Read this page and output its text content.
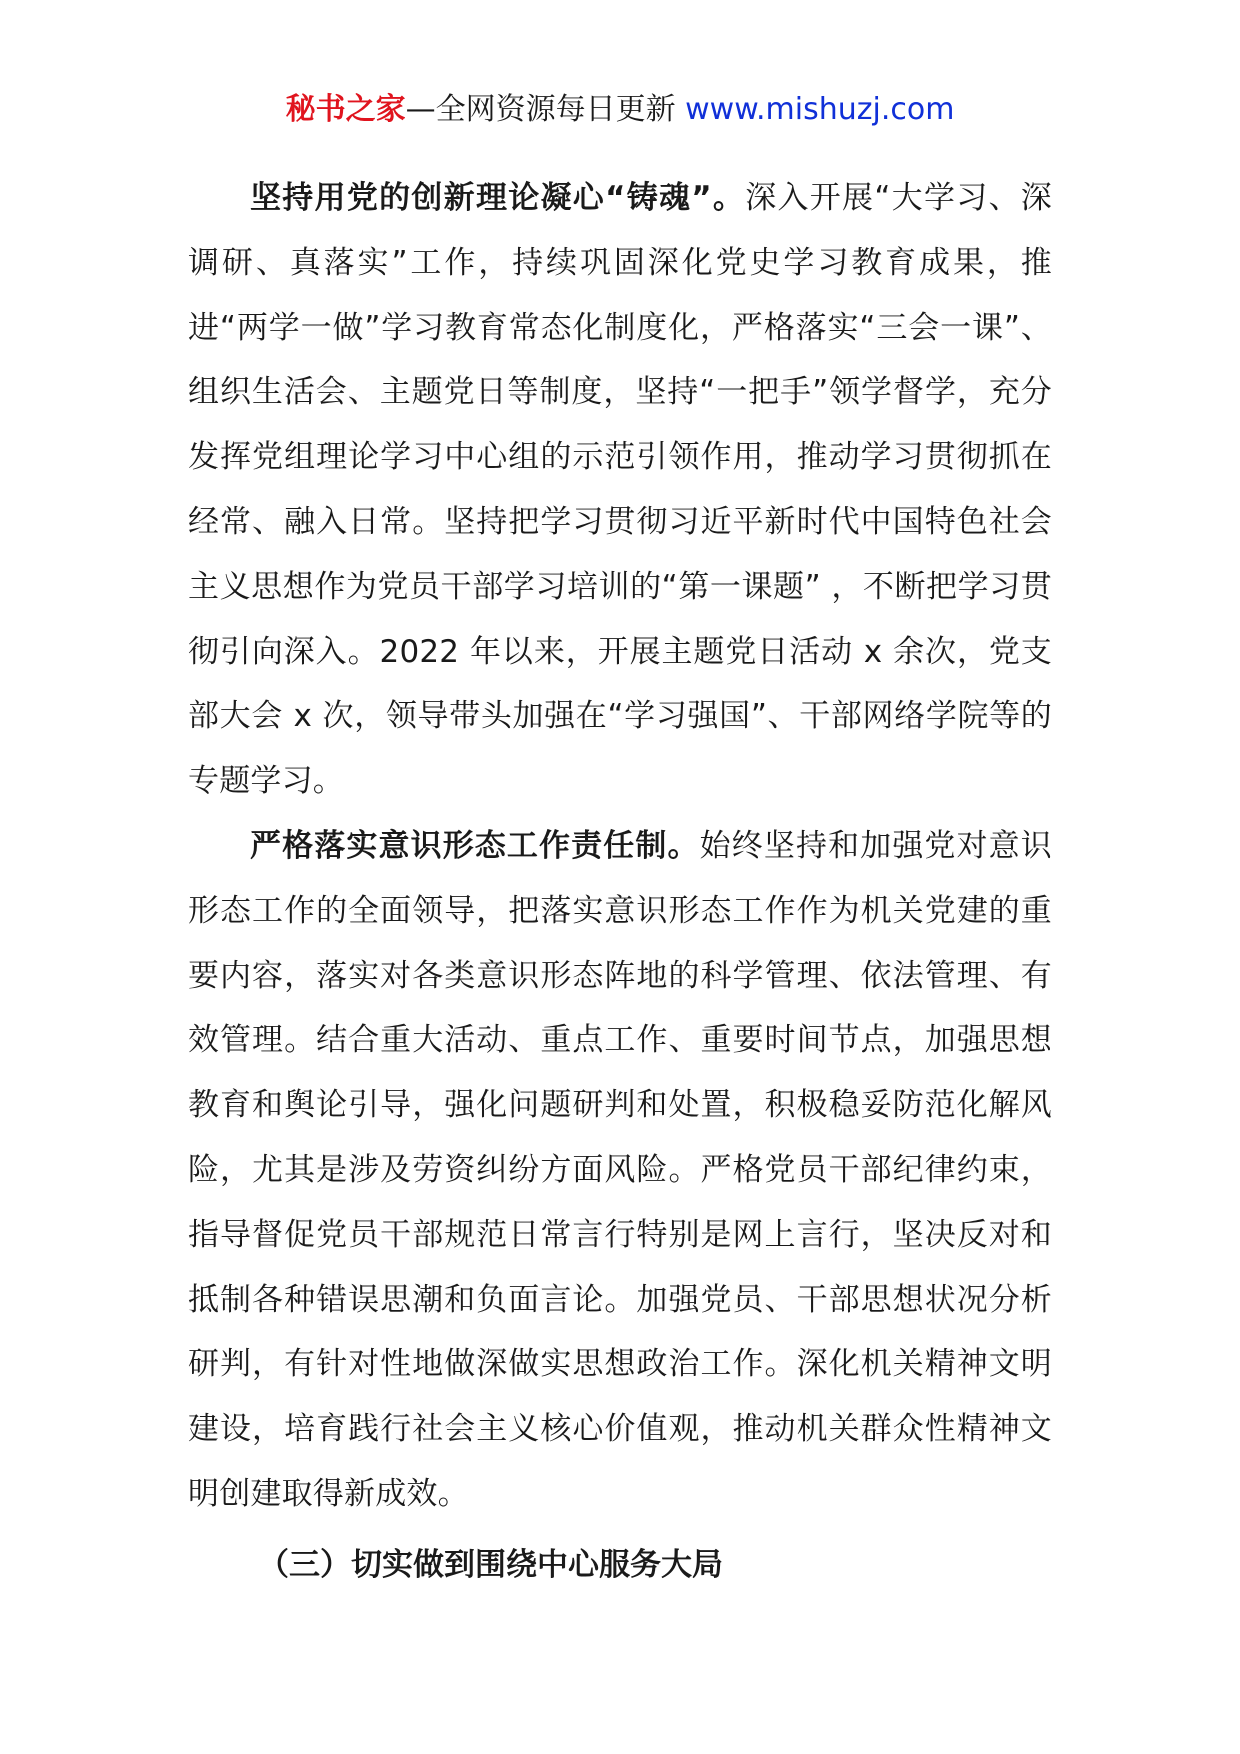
秘书之家—全网资源每日更新 www.mishuzj.com

坚持用党的创新理论凝心“铸魂”。深入开展“大学习、深调研、真落实”工作，持续巩固深化党史学习教育成果，推进“两学一做”学习教育常态化制度化，严格落实“三会一课”、组织生活会、主题党日等制度，坚持“一把手”领学督学，充分发挥党组理论学习中心组的示范引领作用，推动学习贯彻抓在经常、融入日常。坚持把学习贯彻习近平新时代中国特色社会主义思想作为党员干部学习培训的“第一课题” ，不断把学习贯彻引向深入。2022 年以来，开展主题党日活动 x 余次，党支部大会 x 次，领导带头加强在“学习强国”、干部网络学院等的专题学习。

严格落实意识形态工作责任制。始终坚持和加强党对意识形态工作的全面领导，把落实意识形态工作作为机关党建的重要内容，落实对各类意识形态阵地的科学管理、依法管理、有效管理。结合重大活动、重点工作、重要时间节点，加强思想教育和舆论引导，强化问题研判和处置，积极稳妥防范化解风险，尤其是涉及劳资纠纷方面风险。严格党员干部纪律约束，指导督促党员干部规范日常言行特别是网上言行，坚决反对和抵制各种错误思潮和负面言论。加强党员、干部思想状况分析研判，有针对性地做深做实思想政治工作。深化机关精神文明建设，培育践行社会主义核心价值观，推动机关群众性精神文明创建取得新成效。

（三）切实做到围绕中心服务大局
